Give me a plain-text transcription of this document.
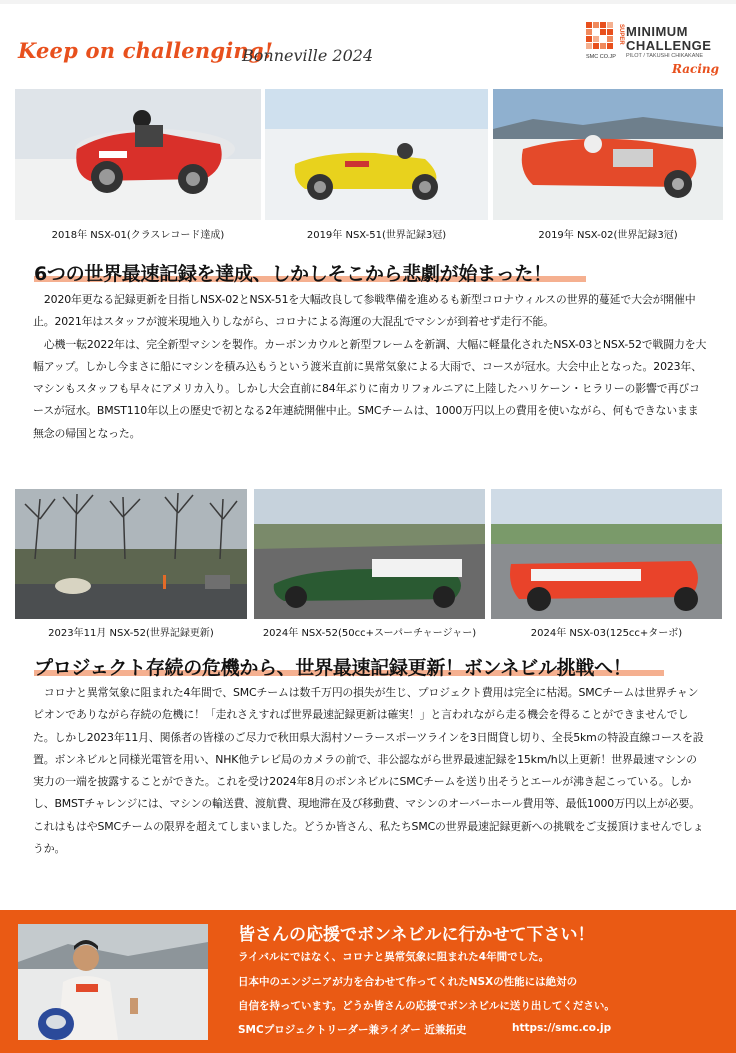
Keep on challenging!
Bonneville 2024
SUPER MINIMUM
CHALLENGE
PILOT / TAKUSHI CHIKAKANE
SMC CO.JP
Racing
2018年 NSX-01(クラスレコード達成)	2019年 NSX-51(世界記録3冠)	2019年 NSX-02(世界記録3冠)
6つの世界最速記録を達成、しかしそこから悲劇が始まった！

2020年更なる記録更新を目指しNSX-02とNSX-51を大幅改良して参戦準備を進めるも新型コロナウィルスの世界的蔓延で大会が開催中止。2021年はスタッフが渡米現地入りしながら、コロナによる海運の大混乱でマシンが到着せず走行不能。

心機一転2022年は、完全新型マシンを製作。カーボンカウルと新型フレームを新調、大幅に軽量化されたNSX-03とNSX-52で戦闘力を大幅アップ。しかし今まさに船にマシンを積み込もうという渡米直前に異常気象による大雨で、コースが冠水。大会中止となった。2023年、マシンもスタッフも早々にアメリカ入り。しかし大会直前に84年ぶりに南カリフォルニアに上陸したハリケーン・ヒラリーの影響で再びコースが冠水。BMST110年以上の歴史で初となる2年連続開催中止。SMCチームは、1000万円以上の費用を使いながら、何もできないまま無念の帰国となった。

2023年11月 NSX-52(世界記録更新)	2024年 NSX-52(50cc+スーパーチャージャー)	2024年 NSX-03(125cc+ターボ)
プロジェクト存続の危機から、世界最速記録更新！ボンネビル挑戦へ！

コロナと異常気象に阻まれた4年間で、SMCチームは数千万円の損失が生じ、プロジェクト費用は完全に枯渇。SMCチームは世界チャンピオンでありながら存続の危機に！「走れさえすれば世界最速記録更新は確実！」と言われながら走る機会を得ることができませんでした。しかし2023年11月、関係者の皆様のご尽力で秋田県大潟村ソーラースポーツラインを3日間貸し切り、全長5kmの特設直線コースを設置。ボンネビルと同様光電管を用い、NHK他テレビ局のカメラの前で、非公認ながら世界最速記録を15km/h以上更新！世界最速マシンの実力の一端を披露することができた。これを受け2024年8月のボンネビルにSMCチームを送り出そうとエールが沸き起こっている。しかし、BMSTチャレンジには、マシンの輸送費、渡航費、現地滞在及び移動費、マシンのオーバーホール費用等、最低1000万円以上が必要。これはもはやSMCチームの限界を超えてしまいました。どうか皆さん、私たちSMCの世界最速記録更新への挑戦をご支援頂けませんでしょうか。

皆さんの応援でボンネビルに行かせて下さい！
ライバルにではなく、コロナと異常気象に阻まれた4年間でした。
日本中のエンジニアが力を合わせて作ってくれたNSXの性能には絶対の
自信を持っています。どうか皆さんの応援でボンネビルに送り出してください。
SMCプロジェクトリーダー兼ライダー 近兼拓史	https://smc.co.jp
